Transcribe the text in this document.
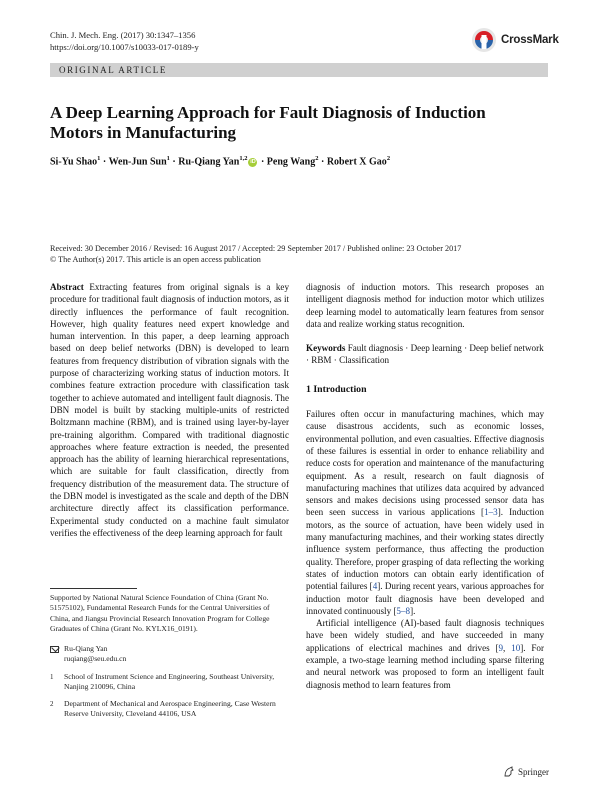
Chin. J. Mech. Eng. (2017) 30:1347–1356
https://doi.org/10.1007/s10033-017-0189-y
CrossMark
ORIGINAL ARTICLE
A Deep Learning Approach for Fault Diagnosis of Induction Motors in Manufacturing
Si-Yu Shao$^1$ · Wen-Jun Sun$^1$ · Ru-Qiang Yan$^{1,2}$ iD · Peng Wang$^2$ · Robert X Gao$^2$
Received: 30 December 2016 / Revised: 16 August 2017 / Accepted: 29 September 2017 / Published online: 23 October 2017
© The Author(s) 2017. This article is an open access publication

Abstract Extracting features from original signals is a key procedure for traditional fault diagnosis of induction motors, as it directly influences the performance of fault recognition. However, high quality features need expert knowledge and human intervention. In this paper, a deep learning approach based on deep belief networks (DBN) is developed to learn features from frequency distribution of vibration signals with the purpose of characterizing working status of induction motors. It combines feature extraction procedure with classification task together to achieve automated and intelligent fault diagnosis. The DBN model is built by stacking multiple-units of restricted Boltzmann machine (RBM), and is trained using layer-by-layer pre-training algorithm. Compared with traditional diagnostic approaches where feature extraction is needed, the presented approach has the ability of learning hierarchical representations, which are suitable for fault classification, directly from frequency distribution of the measurement data. The structure of the DBN model is investigated as the scale and depth of the DBN architecture directly affect its classification performance. Experimental study conducted on a machine fault simulator verifies the effectiveness of the deep learning approach for fault

diagnosis of induction motors. This research proposes an intelligent diagnosis method for induction motor which utilizes deep learning model to automatically learn features from sensor data and realize working status recognition.

Keywords Fault diagnosis · Deep learning · Deep belief network · RBM · Classification

1 Introduction

Failures often occur in manufacturing machines, which may cause disastrous accidents, such as economic losses, environmental pollution, and even casualties. Effective diagnosis of these failures is essential in order to enhance reliability and reduce costs for operation and maintenance of the manufacturing equipment. As a result, research on fault diagnosis of manufacturing machines that utilizes data acquired by advanced sensors and makes decisions using processed sensor data has been seen success in various applications [1–3]. Induction motors, as the source of actuation, have been widely used in many manufacturing machines, and their working states directly influence system performance, thus affecting the production quality. Therefore, proper grasping of data reflecting the working states of induction motors can obtain early identification of potential failures [4]. During recent years, various approaches for induction motor fault diagnosis have been developed and innovated continuously [5–8].

Artificial intelligence (AI)-based fault diagnosis techniques have been widely studied, and have succeeded in many applications of electrical machines and drives [9, 10]. For example, a two-stage learning method including sparse filtering and neural network was proposed to form an intelligent fault diagnosis method to learn features from

Supported by National Natural Science Foundation of China (Grant No. 51575102), Fundamental Research Funds for the Central Universities of China, and Jiangsu Provincial Research Innovation Program for College Graduates of China (Grant No. KYLX16_0191).
Ru-Qiang Yan
ruqiang@seu.edu.cn
1	School of Instrument Science and Engineering, Southeast University, Nanjing 210096, China
2	Department of Mechanical and Aerospace Engineering, Case Western Reserve University, Cleveland 44106, USA
Springer
